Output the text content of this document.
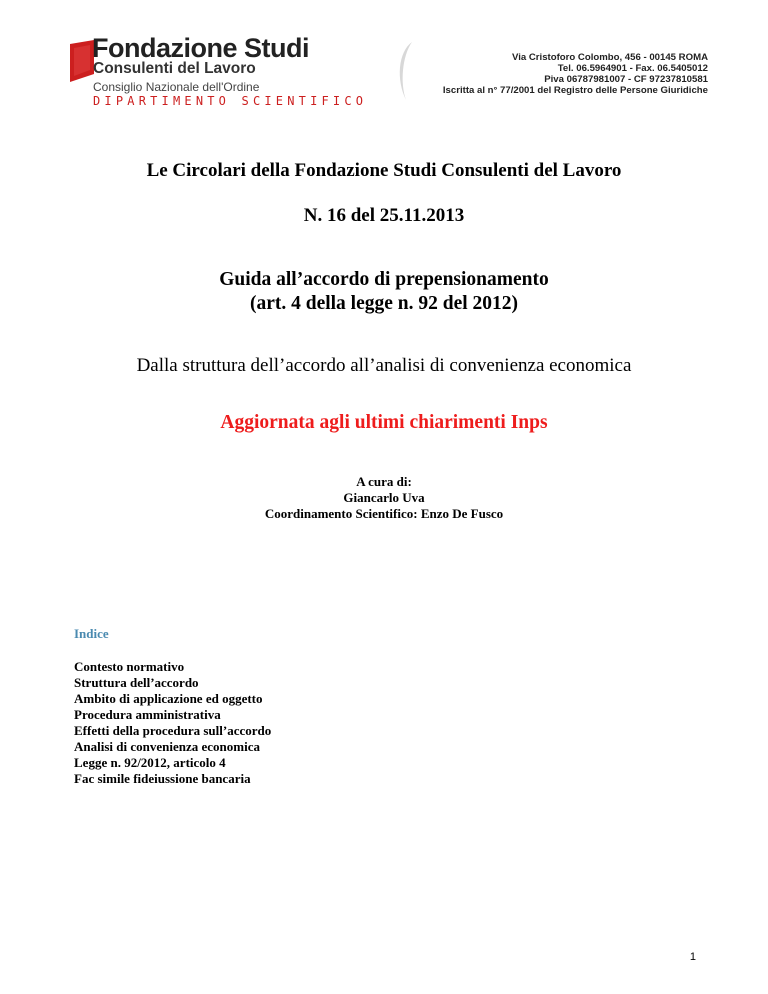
Fondazione Studi
Consulenti del Lavoro
Consiglio Nazionale dell'Ordine
DIPARTIMENTO SCIENTIFICO
Via Cristoforo Colombo, 456 - 00145 ROMA
Tel. 06.5964901 - Fax. 06.5405012
Piva 06787981007 - CF 97237810581
Iscritta al n° 77/2001 del Registro delle Persone Giuridiche
Le Circolari della Fondazione Studi Consulenti del Lavoro
N. 16 del 25.11.2013
Guida all’accordo di prepensionamento
(art. 4 della legge n. 92 del 2012)
Dalla struttura dell’accordo all’analisi di convenienza economica
Aggiornata agli ultimi chiarimenti Inps
A cura di:
Giancarlo Uva
Coordinamento Scientifico: Enzo De Fusco
Indice
Contesto normativo
Struttura dell’accordo
Ambito di applicazione ed oggetto
Procedura amministrativa
Effetti della procedura sull’accordo
Analisi di convenienza economica
Legge n. 92/2012, articolo 4
Fac simile fideiussione bancaria
1
